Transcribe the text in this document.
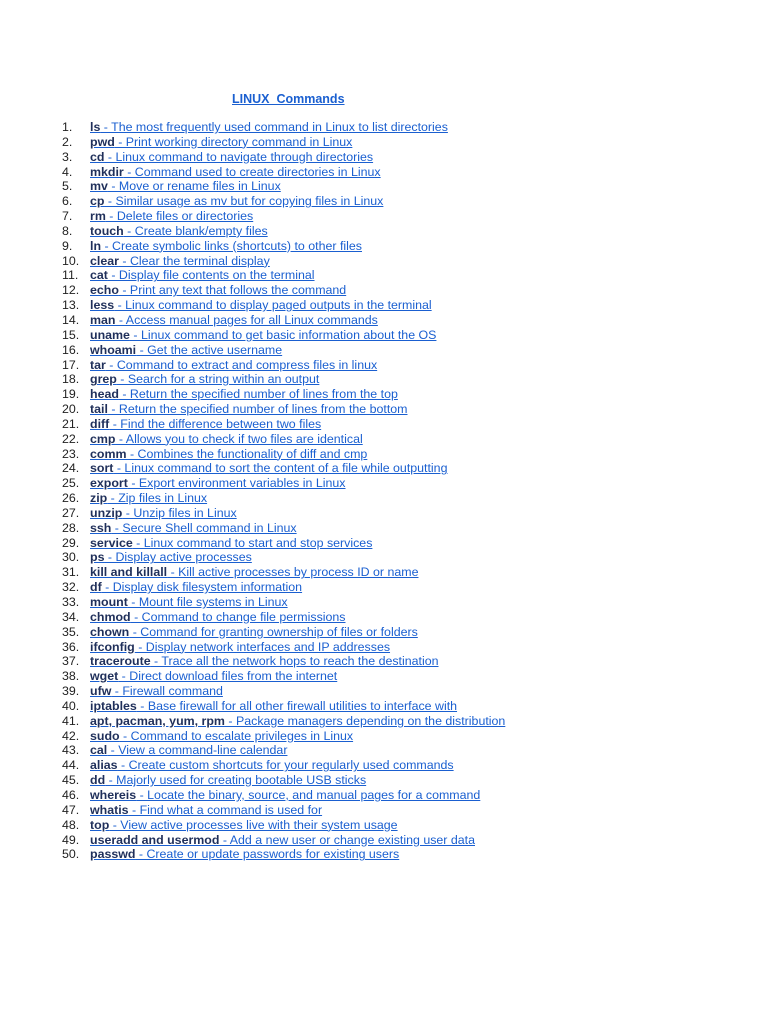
LINUX_Commands
1. ls - The most frequently used command in Linux to list directories
2. pwd - Print working directory command in Linux
3. cd - Linux command to navigate through directories
4. mkdir - Command used to create directories in Linux
5. mv - Move or rename files in Linux
6. cp - Similar usage as mv but for copying files in Linux
7. rm - Delete files or directories
8. touch - Create blank/empty files
9. ln - Create symbolic links (shortcuts) to other files
10. clear - Clear the terminal display
11. cat - Display file contents on the terminal
12. echo - Print any text that follows the command
13. less - Linux command to display paged outputs in the terminal
14. man - Access manual pages for all Linux commands
15. uname - Linux command to get basic information about the OS
16. whoami - Get the active username
17. tar - Command to extract and compress files in linux
18. grep - Search for a string within an output
19. head - Return the specified number of lines from the top
20. tail - Return the specified number of lines from the bottom
21. diff - Find the difference between two files
22. cmp - Allows you to check if two files are identical
23. comm - Combines the functionality of diff and cmp
24. sort - Linux command to sort the content of a file while outputting
25. export - Export environment variables in Linux
26. zip - Zip files in Linux
27. unzip - Unzip files in Linux
28. ssh - Secure Shell command in Linux
29. service - Linux command to start and stop services
30. ps - Display active processes
31. kill and killall - Kill active processes by process ID or name
32. df - Display disk filesystem information
33. mount - Mount file systems in Linux
34. chmod - Command to change file permissions
35. chown - Command for granting ownership of files or folders
36. ifconfig - Display network interfaces and IP addresses
37. traceroute - Trace all the network hops to reach the destination
38. wget - Direct download files from the internet
39. ufw - Firewall command
40. iptables - Base firewall for all other firewall utilities to interface with
41. apt, pacman, yum, rpm - Package managers depending on the distribution
42. sudo - Command to escalate privileges in Linux
43. cal - View a command-line calendar
44. alias - Create custom shortcuts for your regularly used commands
45. dd - Majorly used for creating bootable USB sticks
46. whereis - Locate the binary, source, and manual pages for a command
47. whatis - Find what a command is used for
48. top - View active processes live with their system usage
49. useradd and usermod - Add a new user or change existing user data
50. passwd - Create or update passwords for existing users
